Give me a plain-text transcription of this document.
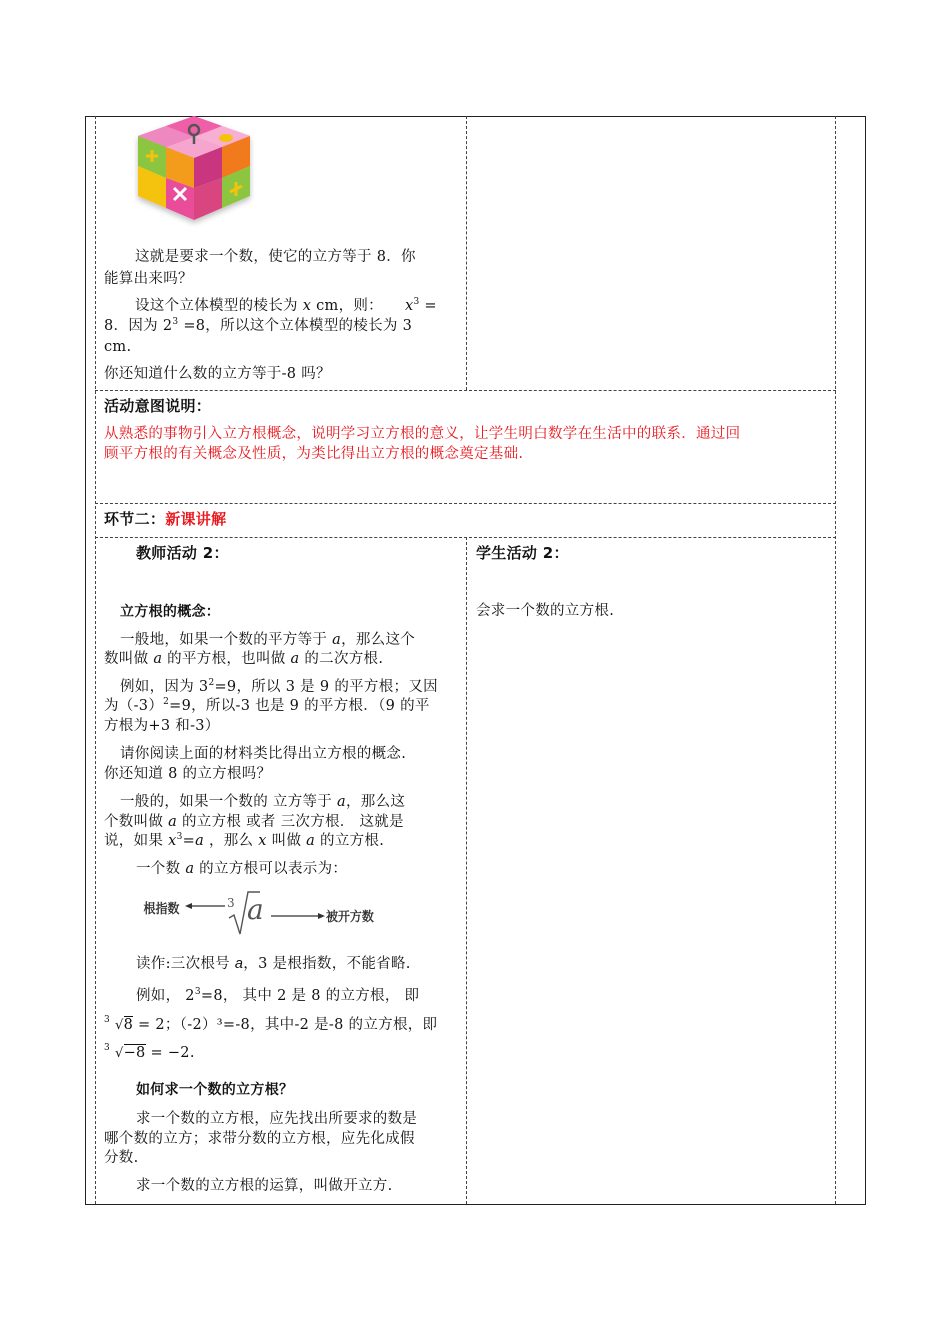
这就是要求一个数，使它的立方等于 8．你
能算出来吗？
设这个立体模型的棱长为 x cm，则： $x^3$ =
8．因为 $2^3 =8$，所以这个立体模型的棱长为 3
cm.
你还知道什么数的立方等于-8 吗？
活动意图说明：
从熟悉的事物引入立方根概念，说明学习立方根的意义，让学生明白数学在生活中的联系．通过回
顾平方根的有关概念及性质，为类比得出立方根的概念奠定基础.
环节二：新课讲解
教师活动 2：
立方根的概念：
一般地，如果一个数的平方等于 a，那么这个
数叫做 a 的平方根，也叫做 a 的二次方根.
例如，因为 $3^2=9$，所以 3 是 9 的平方根；又因
为$(-3)^2=9$，所以-3 也是 9 的平方根．（9 的平
方根为+3 和-3）
请你阅读上面的材料类比得出立方根的概念.
你还知道 8 的立方根吗？
一般的，如果一个数的 立方等于 a，那么这
个数叫做 a 的立方根 或者 三次方根． 这就是
说，如果 $x^3=a$ ，那么 x 叫做 a 的立方根.
一个数 a 的立方根可以表示为：
根指数	3 a	被开方数
读作:三次根号 a，3 是根指数，不能省略.
例如， $2^3=8$， 其中 2 是 8 的立方根， 即
3 √8 = 2；（-2）³=-8，其中-2 是-8 的立方根，即
3 √−8 = −2.
如何求一个数的立方根？
求一个数的立方根，应先找出所要求的数是
哪个数的立方；求带分数的立方根，应先化成假
分数.
求一个数的立方根的运算，叫做开立方.
学生活动 2：
会求一个数的立方根.
